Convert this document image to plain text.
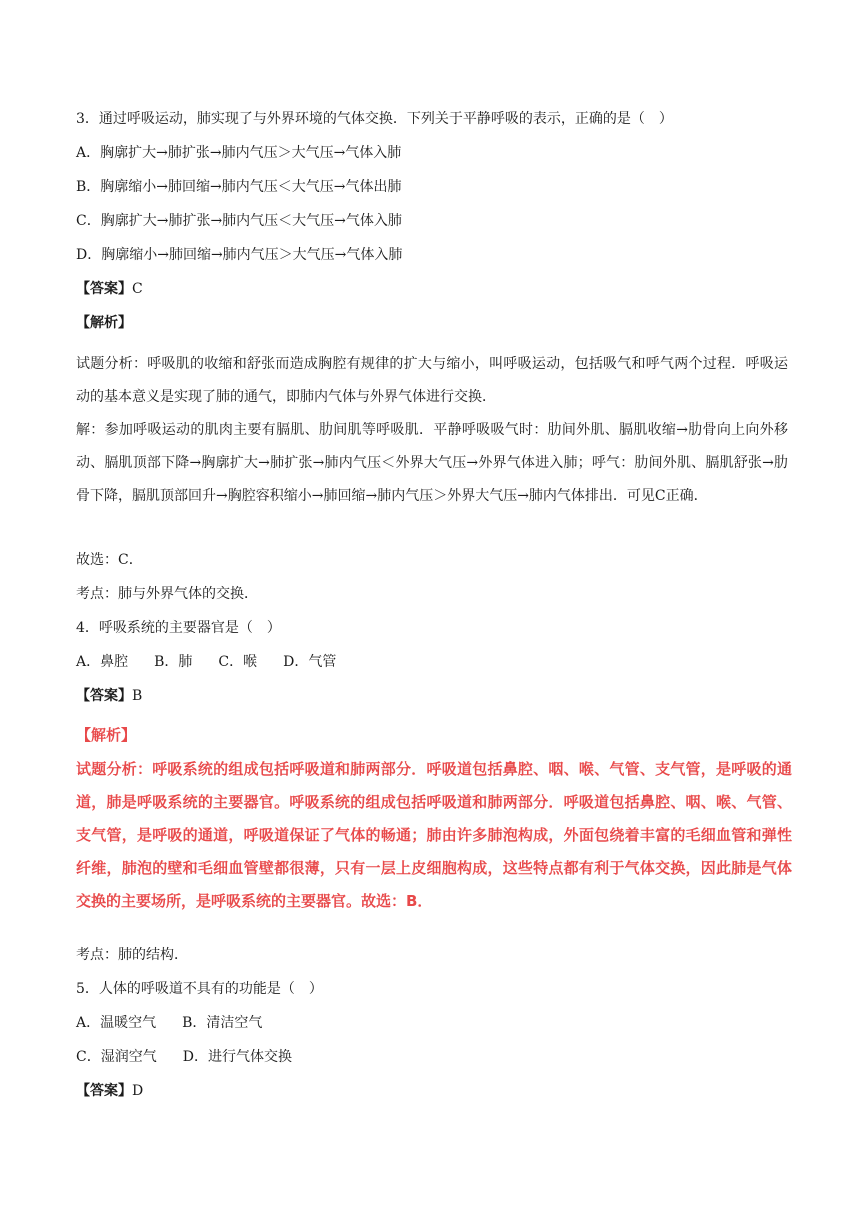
3．通过呼吸运动，肺实现了与外界环境的气体交换．下列关于平静呼吸的表示，正确的是（　）

A．胸廓扩大→肺扩张→肺内气压＞大气压→气体入肺

B．胸廓缩小→肺回缩→肺内气压＜大气压→气体出肺

C．胸廓扩大→肺扩张→肺内气压＜大气压→气体入肺

D．胸廓缩小→肺回缩→肺内气压＞大气压→气体入肺

【答案】C

【解析】

试题分析：呼吸肌的收缩和舒张而造成胸腔有规律的扩大与缩小，叫呼吸运动，包括吸气和呼气两个过程．呼吸运动的基本意义是实现了肺的通气，即肺内气体与外界气体进行交换．

解：参加呼吸运动的肌肉主要有膈肌、肋间肌等呼吸肌．平静呼吸吸气时：肋间外肌、膈肌收缩→肋骨向上向外移动、膈肌顶部下降→胸廓扩大→肺扩张→肺内气压＜外界大气压→外界气体进入肺；呼气：肋间外肌、膈肌舒张→肋骨下降，膈肌顶部回升→胸腔容积缩小→肺回缩→肺内气压＞外界大气压→肺内气体排出．可见C正确．

故选：C．

考点：肺与外界气体的交换．

4．呼吸系统的主要器官是（　）

A．鼻腔 B．肺 C．喉 D．气管

【答案】B

【解析】

试题分析：呼吸系统的组成包括呼吸道和肺两部分．呼吸道包括鼻腔、咽、喉、气管、支气管，是呼吸的通道，肺是呼吸系统的主要器官。呼吸系统的组成包括呼吸道和肺两部分．呼吸道包括鼻腔、咽、喉、气管、支气管，是呼吸的通道，呼吸道保证了气体的畅通；肺由许多肺泡构成，外面包绕着丰富的毛细血管和弹性纤维，肺泡的壁和毛细血管壁都很薄，只有一层上皮细胞构成，这些特点都有利于气体交换，因此肺是气体交换的主要场所，是呼吸系统的主要器官。故选：B．

考点：肺的结构．

5．人体的呼吸道不具有的功能是（　）

A．温暖空气 B．清洁空气

C．湿润空气 D．进行气体交换

【答案】D
